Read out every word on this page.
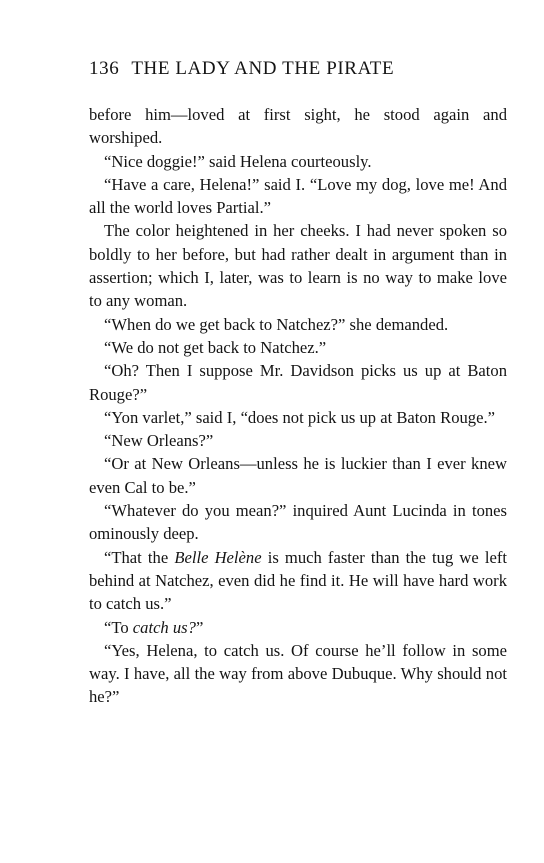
136 THE LADY AND THE PIRATE

before him—loved at first sight, he stood again and worshiped.

“Nice doggie!” said Helena courteously.

“Have a care, Helena!” said I. “Love my dog, love me! And all the world loves Partial.”

The color heightened in her cheeks. I had never spoken so boldly to her before, but had rather dealt in argument than in assertion; which I, later, was to learn is no way to make love to any woman.

“When do we get back to Natchez?” she demanded.

“We do not get back to Natchez.”

“Oh? Then I suppose Mr. Davidson picks us up at Baton Rouge?”

“Yon varlet,” said I, “does not pick us up at Baton Rouge.”

“New Orleans?”

“Or at New Orleans—unless he is luckier than I ever knew even Cal to be.”

“Whatever do you mean?” inquired Aunt Lucinda in tones ominously deep.

“That the Belle Helène is much faster than the tug we left behind at Natchez, even did he find it. He will have hard work to catch us.”

“To catch us?”

“Yes, Helena, to catch us. Of course he’ll follow in some way. I have, all the way from above Dubuque. Why should not he?”
